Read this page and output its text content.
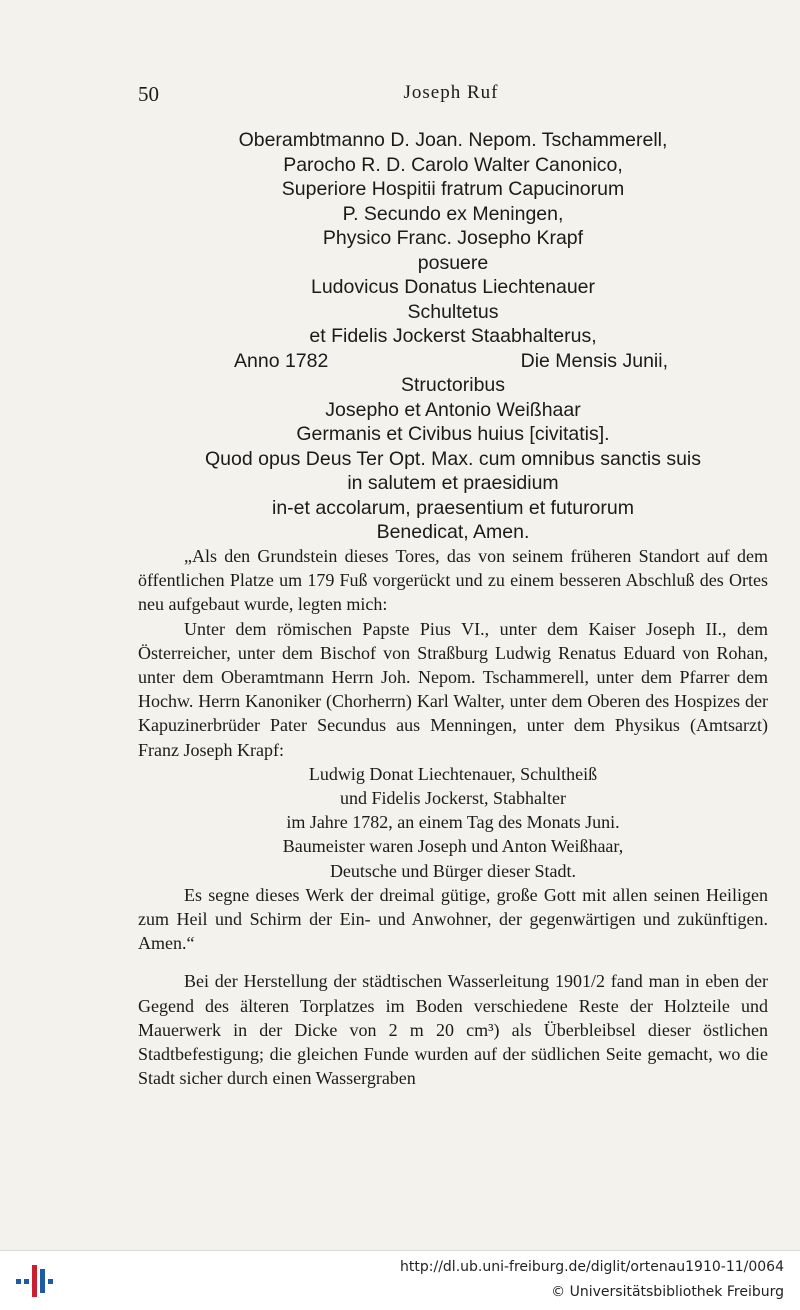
50	Joseph Ruf
Oberambtmanno D. Joan. Nepom. Tschammerell,
Parocho R. D. Carolo Walter Canonico,
Superiore Hospitii fratrum Capucinorum
P. Secundo ex Meningen,
Physico Franc. Josepho Krapf
posuere
Ludovicus Donatus Liechtenauer
Schultetus
et Fidelis Jockerst Staabhalterus,
Anno 1782	Die Mensis Junii,
Structoribus
Josepho et Antonio Weißhaar
Germanis et Civibus huius [civitatis].
Quod opus Deus Ter Opt. Max. cum omnibus sanctis suis
in salutem et praesidium
in-et accolarum, praesentium et futurorum
Benedicat, Amen.

„Als den Grundstein dieses Tores, das von seinem früheren Standort auf dem öffentlichen Platze um 179 Fuß vorgerückt und zu einem besseren Abschluß des Ortes neu aufgebaut wurde, legten mich:

Unter dem römischen Papste Pius VI., unter dem Kaiser Joseph II., dem Österreicher, unter dem Bischof von Straßburg Ludwig Renatus Eduard von Rohan, unter dem Oberamtmann Herrn Joh. Nepom. Tschammerell, unter dem Pfarrer dem Hochw. Herrn Kanoniker (Chorherrn) Karl Walter, unter dem Oberen des Hospizes der Kapuzinerbrüder Pater Secundus aus Menningen, unter dem Physikus (Amtsarzt) Franz Joseph Krapf:

Ludwig Donat Liechtenauer, Schultheiß
und Fidelis Jockerst, Stabhalter
im Jahre 1782, an einem Tag des Monats Juni.
Baumeister waren Joseph und Anton Weißhaar,
Deutsche und Bürger dieser Stadt.

Es segne dieses Werk der dreimal gütige, große Gott mit allen seinen Heiligen zum Heil und Schirm der Ein- und Anwohner, der gegenwärtigen und zukünftigen. Amen.“

Bei der Herstellung der städtischen Wasserleitung 1901/2 fand man in eben der Gegend des älteren Torplatzes im Boden verschiedene Reste der Holzteile und Mauerwerk in der Dicke von 2 m 20 cm³) als Überbleibsel dieser östlichen Stadtbefestigung; die gleichen Funde wurden auf der südlichen Seite gemacht, wo die Stadt sicher durch einen Wassergraben

http://dl.ub.uni-freiburg.de/diglit/ortenau1910-11/0064
© Universitätsbibliothek Freiburg
